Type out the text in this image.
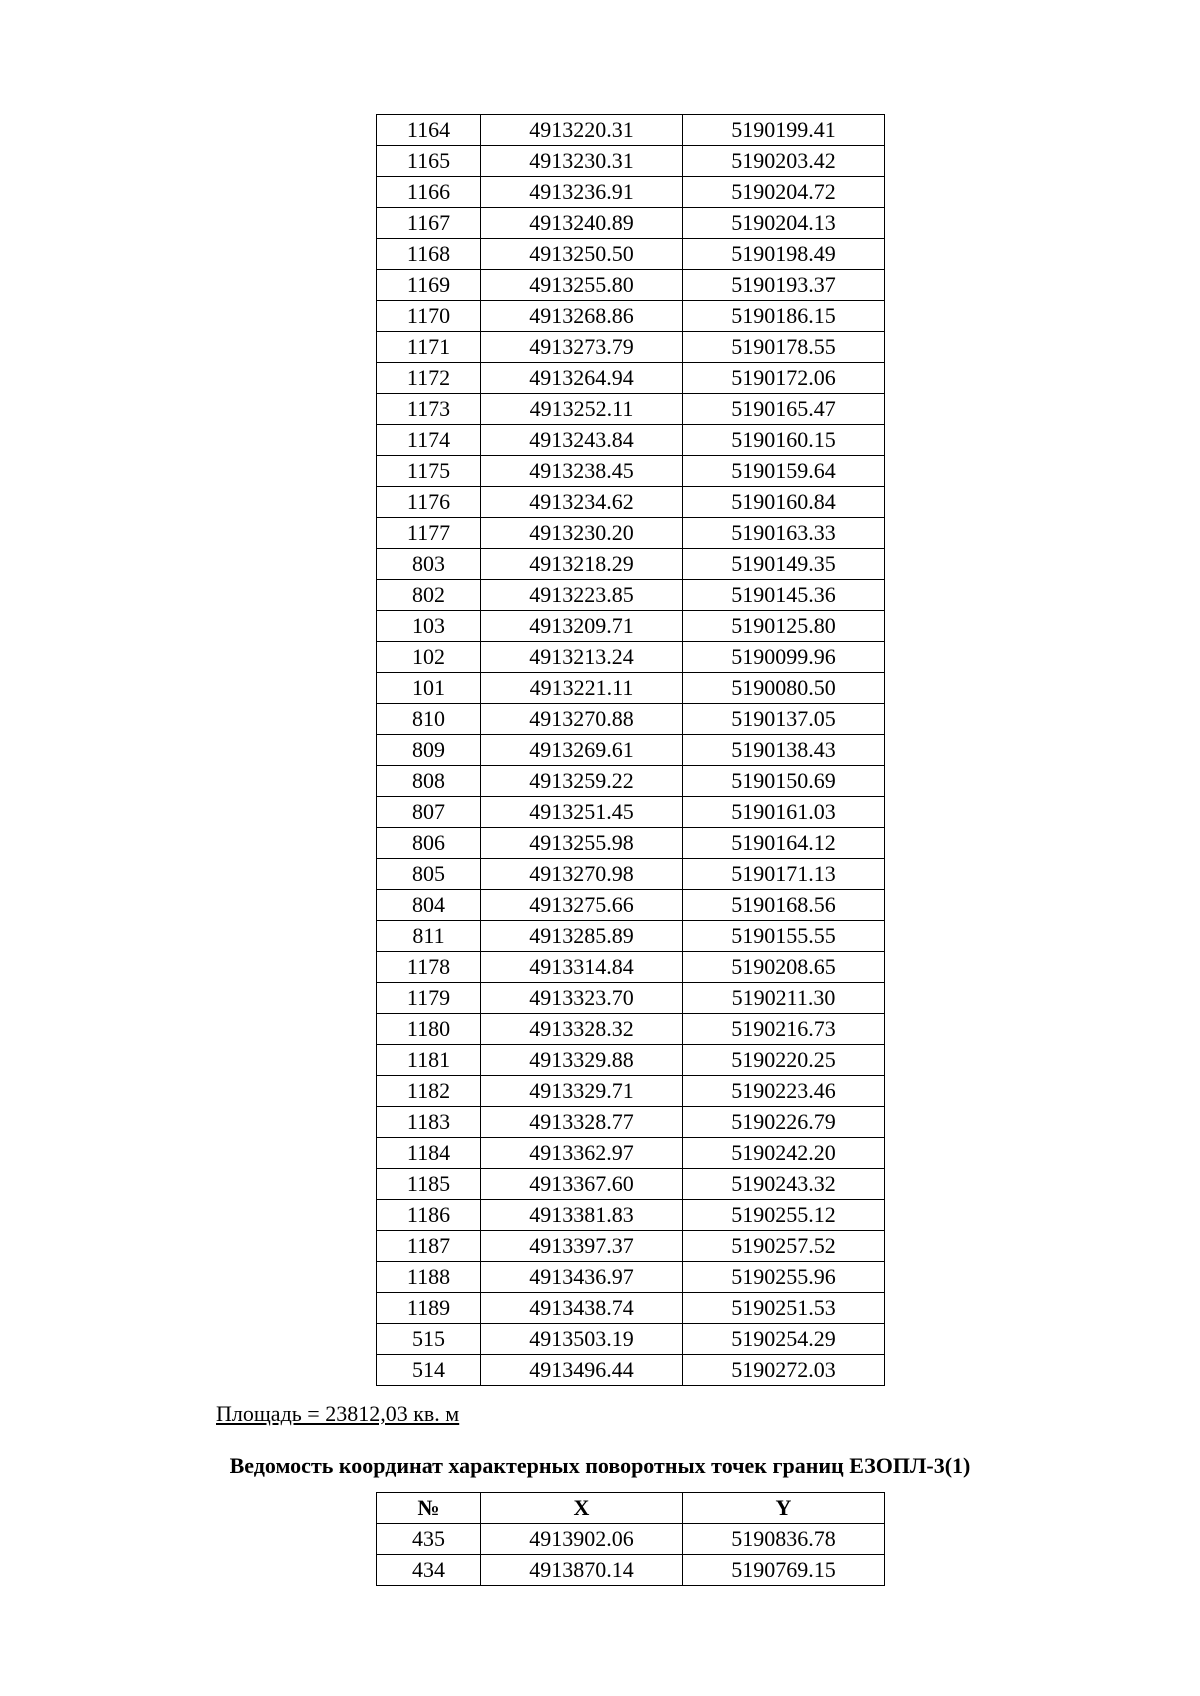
1164	4913220.31	5190199.41
1165	4913230.31	5190203.42
1166	4913236.91	5190204.72
1167	4913240.89	5190204.13
1168	4913250.50	5190198.49
1169	4913255.80	5190193.37
1170	4913268.86	5190186.15
1171	4913273.79	5190178.55
1172	4913264.94	5190172.06
1173	4913252.11	5190165.47
1174	4913243.84	5190160.15
1175	4913238.45	5190159.64
1176	4913234.62	5190160.84
1177	4913230.20	5190163.33
803	4913218.29	5190149.35
802	4913223.85	5190145.36
103	4913209.71	5190125.80
102	4913213.24	5190099.96
101	4913221.11	5190080.50
810	4913270.88	5190137.05
809	4913269.61	5190138.43
808	4913259.22	5190150.69
807	4913251.45	5190161.03
806	4913255.98	5190164.12
805	4913270.98	5190171.13
804	4913275.66	5190168.56
811	4913285.89	5190155.55
1178	4913314.84	5190208.65
1179	4913323.70	5190211.30
1180	4913328.32	5190216.73
1181	4913329.88	5190220.25
1182	4913329.71	5190223.46
1183	4913328.77	5190226.79
1184	4913362.97	5190242.20
1185	4913367.60	5190243.32
1186	4913381.83	5190255.12
1187	4913397.37	5190257.52
1188	4913436.97	5190255.96
1189	4913438.74	5190251.53
515	4913503.19	5190254.29
514	4913496.44	5190272.03
Площадь = 23812,03 кв. м
Ведомость координат характерных поворотных точек границ ЕЗОПЛ-3(1)
№	X	Y
435	4913902.06	5190836.78
434	4913870.14	5190769.15
